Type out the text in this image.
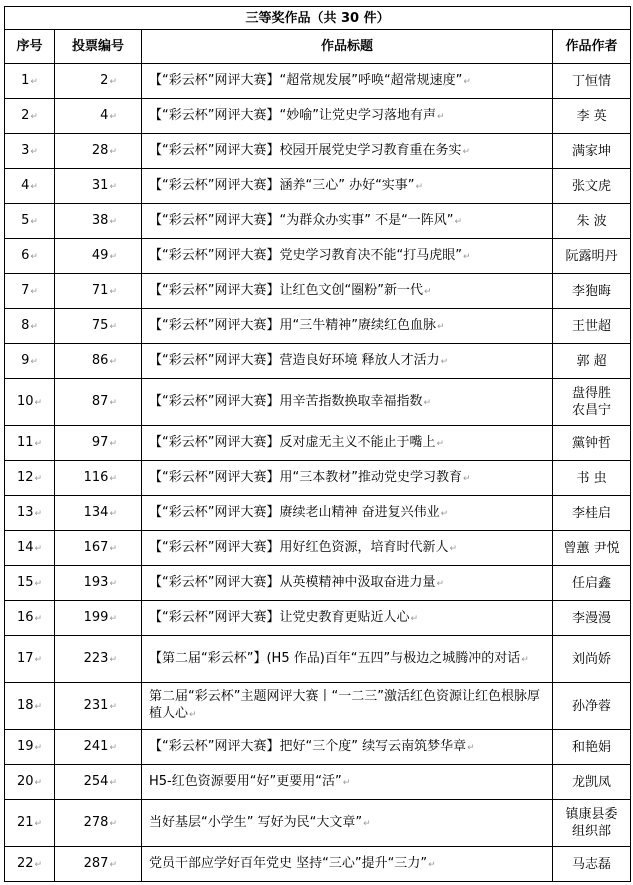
三等奖作品（共 30 件）			
序号	投票编号	作品标题	作品作者
1↵	2↵	【“彩云杯”网评大赛】“超常规发展”呼唤“超常规速度”↵	丁恒情
2↵	4↵	【“彩云杯”网评大赛】“妙喻”让党史学习落地有声↵	李 英
3↵	28↵	【“彩云杯”网评大赛】校园开展党史学习教育重在务实↵	满家坤
4↵	31↵	【“彩云杯”网评大赛】涵养“三心” 办好“实事”↵	张文虎
5↵	38↵	【“彩云杯”网评大赛】“为群众办实事” 不是“一阵风”↵	朱 波
6↵	49↵	【“彩云杯”网评大赛】党史学习教育决不能“打马虎眼”↵	阮露明丹
7↵	71↵	【“彩云杯”网评大赛】让红色文创“圈粉”新一代↵	李狍晦
8↵	75↵	【“彩云杯”网评大赛】用“三牛精神”赓续红色血脉↵	王世超
9↵	86↵	【“彩云杯”网评大赛】营造良好环境 释放人才活力↵	郭 超
10↵	87↵	【“彩云杯”网评大赛】用辛苦指数换取幸福指数↵	盘得胜
农昌宁
11↵	97↵	【“彩云杯”网评大赛】反对虚无主义不能止于嘴上↵	黨钟哲
12↵	116↵	【“彩云杯”网评大赛】用“三本教材”推动党史学习教育↵	书 虫
13↵	134↵	【“彩云杯”网评大赛】赓续老山精神 奋进复兴伟业↵	李桂启
14↵	167↵	【“彩云杯”网评大赛】用好红色资源，培育时代新人↵	曾蕙 尹悦
15↵	193↵	【“彩云杯”网评大赛】从英模精神中汲取奋进力量↵	任启鑫
16↵	199↵	【“彩云杯”网评大赛】让党史教育更贴近人心↵	李漫漫
17↵	223↵	【第二届“彩云杯”】(H5 作品)百年“五四”与极边之城腾冲的对话↵	刘尚娇
18↵	231↵	第二届“彩云杯”主题网评大赛丨“一二三”激活红色资源让红色根脉厚植人心↵	孙净蓉
19↵	241↵	【“彩云杯”网评大赛】把好“三个度” 续写云南筑梦华章↵	和艳娟
20↵	254↵	H5-红色资源要用“好”更要用“活”↵	龙凯凤
21↵	278↵	当好基层“小学生” 写好为民“大文章”↵	镇康县委
组织部
22↵	287↵	党员干部应学好百年党史 坚持“三心”提升“三力”↵	马志磊
